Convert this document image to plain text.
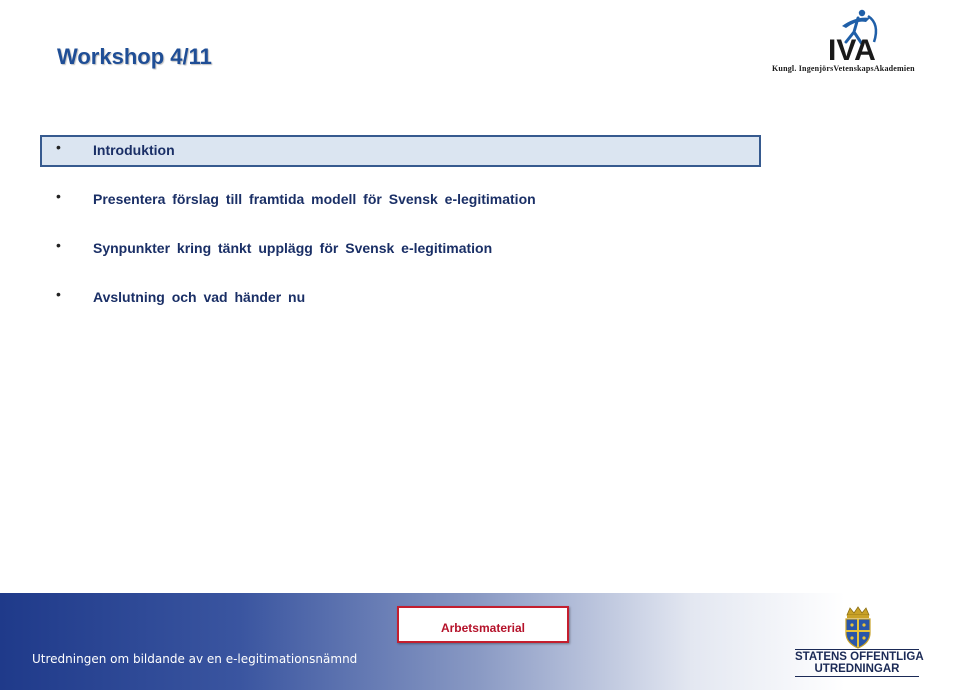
Workshop 4/11	IVA
Kungl. IngenjörsVetenskapsAkademien
• Introduktion
• Presentera förslag till framtida modell för Svensk e-legitimation
• Synpunkter kring tänkt upplägg för Svensk e-legitimation
• Avslutning och vad händer nu
Utredningen om bildande av en e-legitimationsnämnd
Arbetsmaterial
STATENS OFFENTLIGA
UTREDNINGAR
